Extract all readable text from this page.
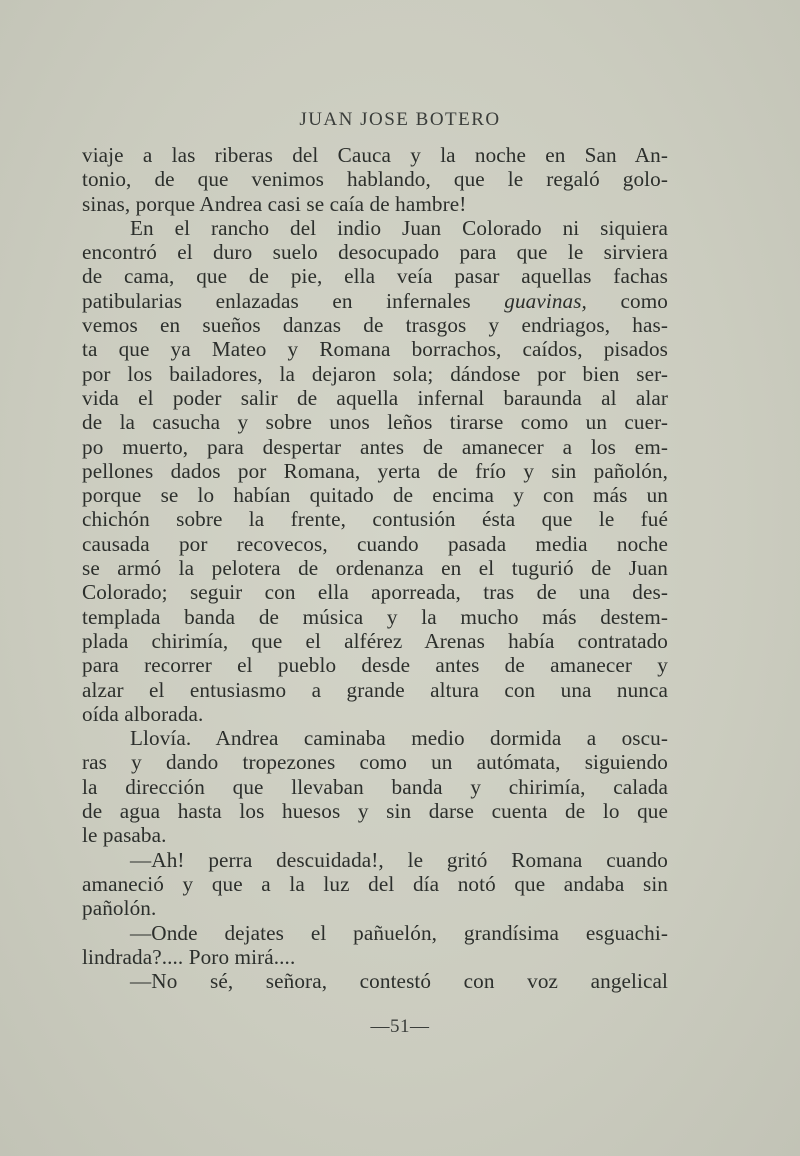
JUAN JOSE BOTERO
viaje a las riberas del Cauca y la noche en San An-
tonio, de que venimos hablando, que le regaló golo-
sinas, porque Andrea casi se caía de hambre!
En el rancho del indio Juan Colorado ni siquiera
encontró el duro suelo desocupado para que le sirviera
de cama, que de pie, ella veía pasar aquellas fachas
patibularias enlazadas en infernales guavinas, como
vemos en sueños danzas de trasgos y endriagos, has-
ta que ya Mateo y Romana borrachos, caídos, pisados
por los bailadores, la dejaron sola; dándose por bien ser-
vida el poder salir de aquella infernal baraunda al alar
de la casucha y sobre unos leños tirarse como un cuer-
po muerto, para despertar antes de amanecer a los em-
pellones dados por Romana, yerta de frío y sin pañolón,
porque se lo habían quitado de encima y con más un
chichón sobre la frente, contusión ésta que le fué
causada por recovecos, cuando pasada media noche
se armó la pelotera de ordenanza en el tugurió de Juan
Colorado; seguir con ella aporreada, tras de una des-
templada banda de música y la mucho más destem-
plada chirimía, que el alférez Arenas había contratado
para recorrer el pueblo desde antes de amanecer y
alzar el entusiasmo a grande altura con una nunca
oída alborada.
Llovía. Andrea caminaba medio dormida a oscu-
ras y dando tropezones como un autómata, siguiendo
la dirección que llevaban banda y chirimía, calada
de agua hasta los huesos y sin darse cuenta de lo que
le pasaba.
—Ah! perra descuidada!, le gritó Romana cuando
amaneció y que a la luz del día notó que andaba sin
pañolón.
—Onde dejates el pañuelón, grandísima esguachi-
lindrada?.... Poro mirá....
—No sé, señora, contestó con voz angelical
—51—
